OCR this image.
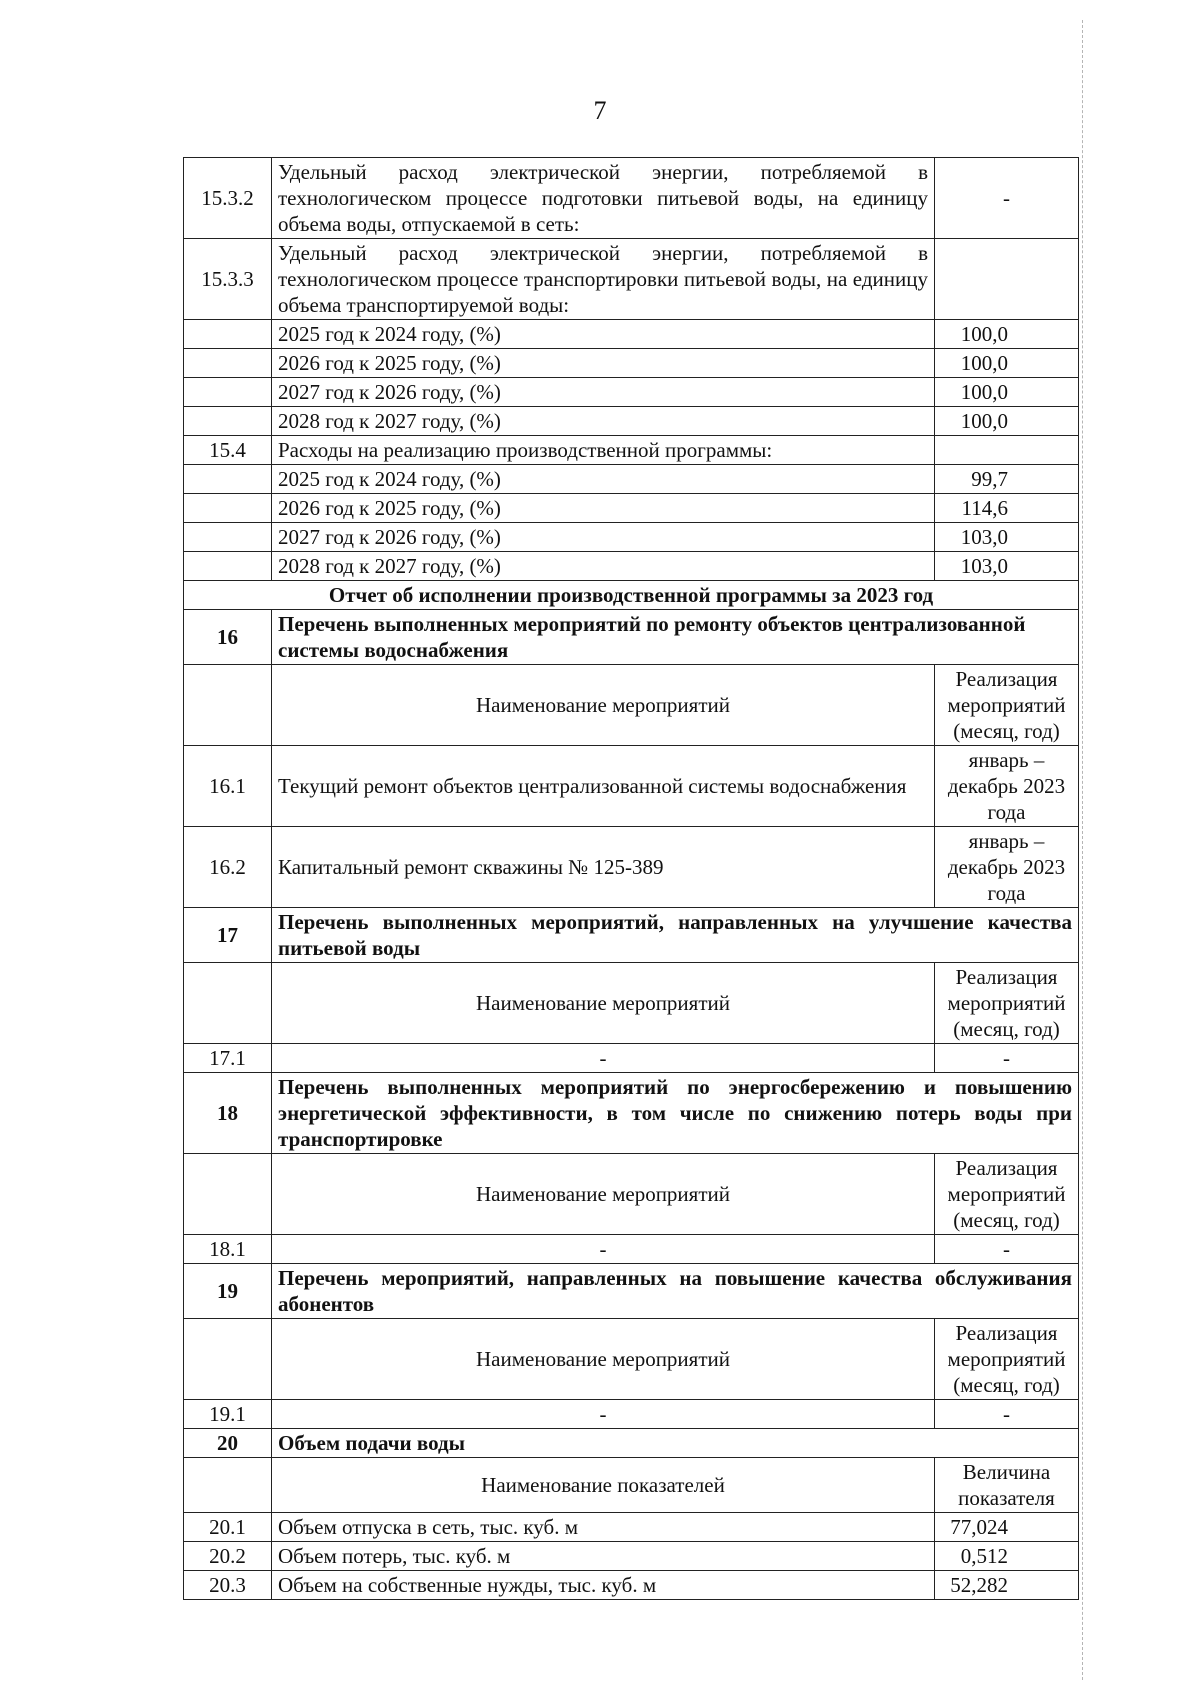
7
15.3.2	Удельный расход электрической энергии, потребляемой в технологическом процессе подготовки питьевой воды, на единицу объема воды, отпускаемой в сеть:	-
15.3.3	Удельный расход электрической энергии, потребляемой в технологическом процессе транспортировки питьевой воды, на единицу объема транспортируемой воды:	
	2025 год к 2024 году, (%)	100,0
	2026 год к 2025 году, (%)	100,0
	2027 год к 2026 году, (%)	100,0
	2028 год к 2027 году, (%)	100,0
15.4	Расходы на реализацию производственной программы:	
	2025 год к 2024 году, (%)	99,7
	2026 год к 2025 году, (%)	114,6
	2027 год к 2026 году, (%)	103,0
	2028 год к 2027 году, (%)	103,0
Отчет об исполнении производственной программы за 2023 год		
16	Перечень выполненных мероприятий по ремонту объектов централизованной системы водоснабжения	
	Наименование мероприятий	Реализация мероприятий (месяц, год)
16.1	Текущий ремонт объектов централизованной системы водоснабжения	январь – декабрь 2023 года
16.2	Капитальный ремонт скважины № 125-389	январь – декабрь 2023 года
17	Перечень выполненных мероприятий, направленных на улучшение качества питьевой воды	
	Наименование мероприятий	Реализация мероприятий (месяц, год)
17.1	-	-
18	Перечень выполненных мероприятий по энергосбережению и повышению энергетической эффективности, в том числе по снижению потерь воды при транспортировке	
	Наименование мероприятий	Реализация мероприятий (месяц, год)
18.1	-	-
19	Перечень мероприятий, направленных на повышение качества обслуживания абонентов	
	Наименование мероприятий	Реализация мероприятий (месяц, год)
19.1	-	-
20	Объем подачи воды	
	Наименование показателей	Величина показателя
20.1	Объем отпуска в сеть, тыс. куб. м	77,024
20.2	Объем потерь, тыс. куб. м	0,512
20.3	Объем на собственные нужды, тыс. куб. м	52,282
